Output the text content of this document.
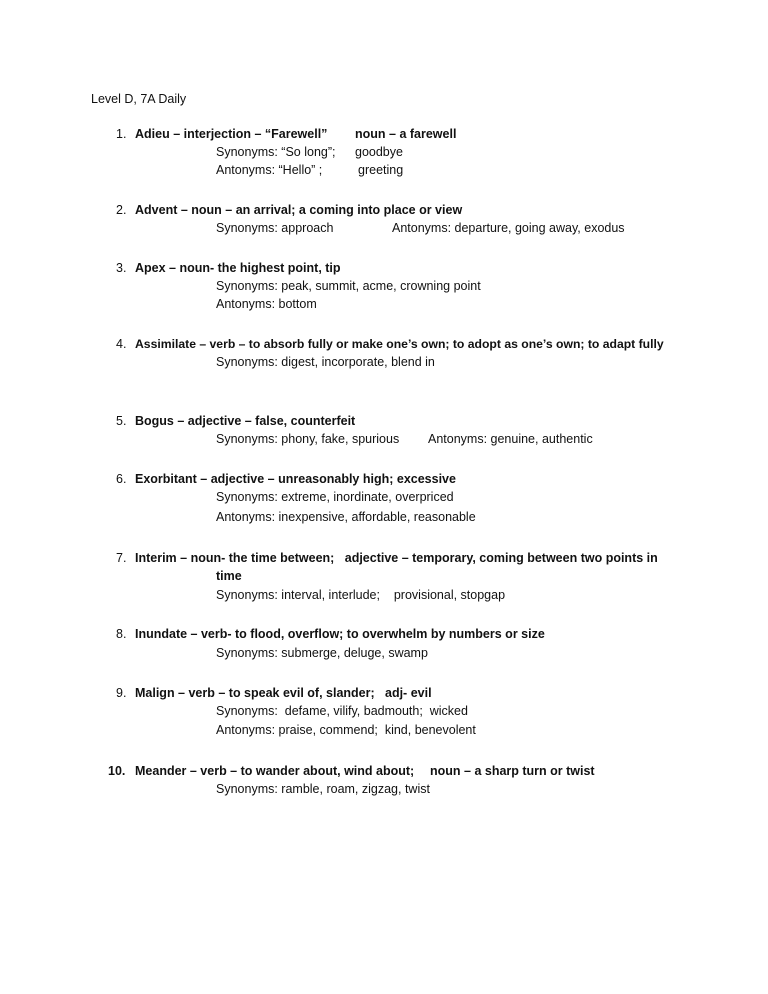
Level D, 7A Daily
1. Adieu – interjection – “Farewell” noun – a farewell
Synonyms: “So long”; goodbye
Antonyms: “Hello” ;	greeting
2. Advent – noun – an arrival; a coming into place or view
Synonyms: approach	Antonyms: departure, going away, exodus
3. Apex – noun- the highest point, tip
Synonyms: peak, summit, acme, crowning point
Antonyms: bottom
4. Assimilate – verb – to absorb fully or make one’s own; to adopt as one’s own; to adapt fully
Synonyms: digest, incorporate, blend in
5. Bogus – adjective – false, counterfeit
Synonyms: phony, fake, spurious Antonyms: genuine, authentic
6. Exorbitant – adjective – unreasonably high; excessive
Synonyms: extreme, inordinate, overpriced
Antonyms: inexpensive, affordable, reasonable
7. Interim – noun- the time between;   adjective – temporary, coming between two points in
time
Synonyms: interval, interlude;    provisional, stopgap
8. Inundate – verb- to flood, overflow; to overwhelm by numbers or size
Synonyms: submerge, deluge, swamp
9. Malign – verb – to speak evil of, slander; adj- evil
Synonyms:  defame, vilify, badmouth;  wicked
Antonyms: praise, commend;  kind, benevolent
10. Meander – verb – to wander about, wind about; noun – a sharp turn or twist
Synonyms: ramble, roam, zigzag, twist
